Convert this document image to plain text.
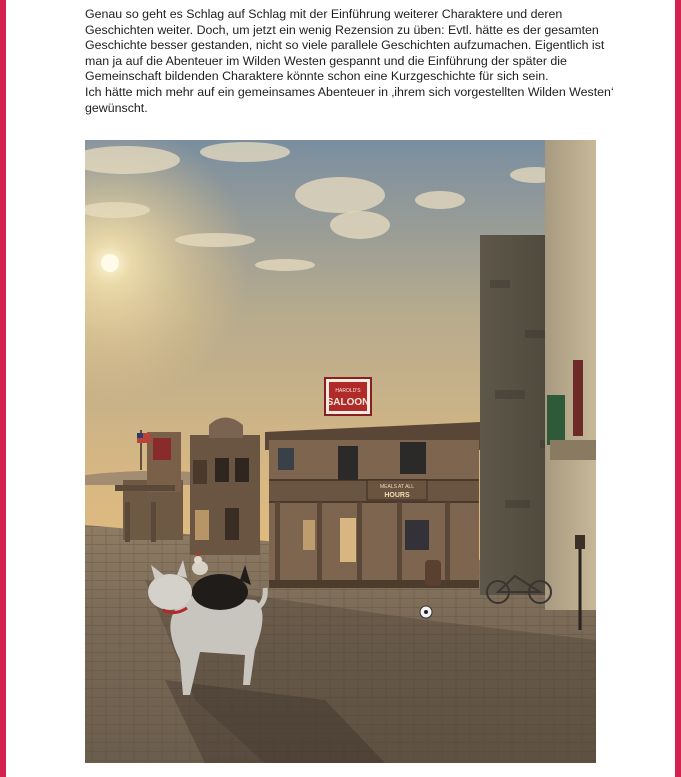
Genau so geht es Schlag auf Schlag mit der Einführung weiterer Charaktere und deren Geschichten weiter. Doch, um jetzt ein wenig Rezension zu üben: Evtl. hätte es der gesamten Geschichte besser gestanden, nicht so viele parallele Geschichten aufzumachen. Eigentlich ist man ja auf die Abenteuer im Wilden Westen gespannt und die Einführung der später die Gemeinschaft bildenden Charaktere könnte schon eine Kurzgeschichte für sich sein.

Ich hätte mich mehr auf ein gemeinsames Abenteuer in ‚ihrem sich vorgestellten Wilden Westen‘ gewünscht.

HAROLD'S
SALOON
MEALS AT ALL
HOURS
